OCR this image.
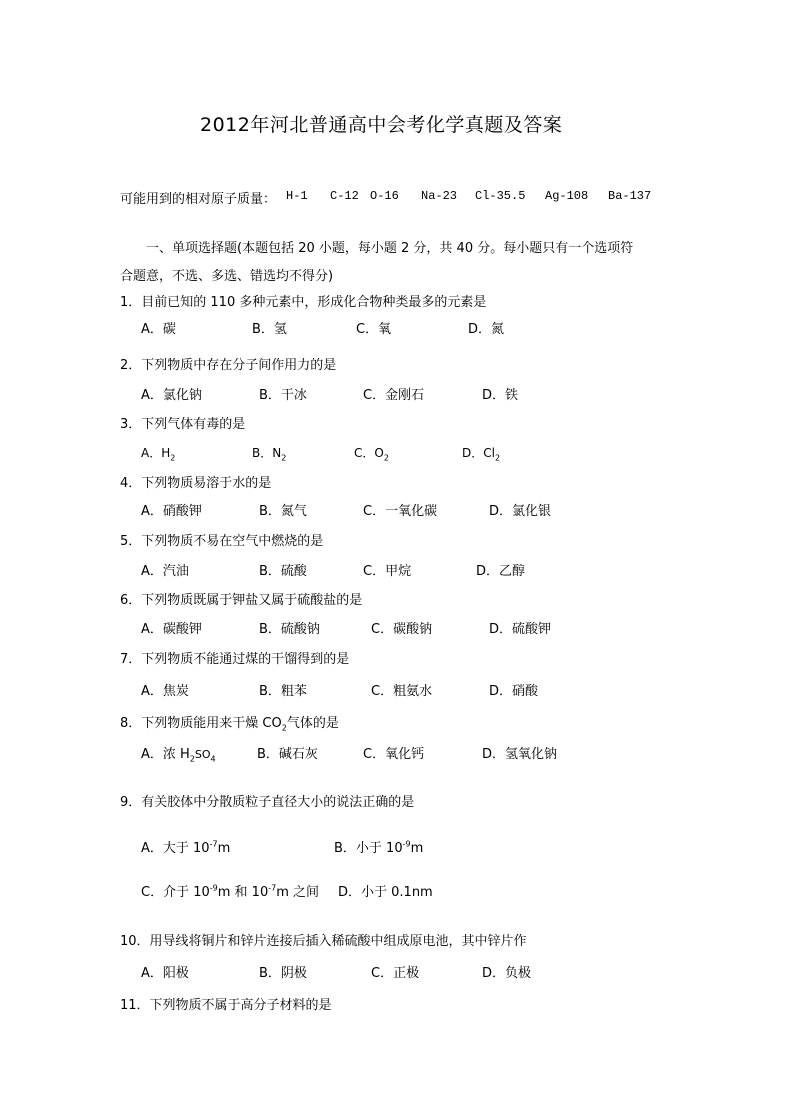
2012年河北普通高中会考化学真题及答案
可能用到的相对原子质量： H-1 C-12 O-16 Na-23 Cl-35.5 Ag-108 Ba-137
一、单项选择题(本题包括 20 小题，每小题 2 分，共 40 分。每小题只有一个选项符
合题意，不选、多选、错选均不得分)
1．目前已知的 110 多种元素中，形成化合物种类最多的元素是
A．碳	B．氢	C．氧	D．氮
2．下列物质中存在分子间作用力的是
A．氯化钠	B．干冰	C．金刚石	D．铁
3．下列气体有毒的是
A．$H_2$	B．$N_2$	C．$O_2$	D．$Cl_2$
4．下列物质易溶于水的是
A．硝酸钾	B．氮气	C．一氧化碳	D．氯化银
5．下列物质不易在空气中燃烧的是
A．汽油	B．硫酸	C．甲烷	D．乙醇
6．下列物质既属于钾盐又属于硫酸盐的是
A．碳酸钾	B．硫酸钠	C．碳酸钠	D．硫酸钾
7．下列物质不能通过煤的干馏得到的是
A．焦炭	B．粗苯	C．粗氨水	D．硝酸
8．下列物质能用来干燥 $CO_2$气体的是
A．浓 $H_2SO_4$	B．碱石灰	C．氧化钙	D．氢氧化钠
9．有关胶体中分散质粒子直径大小的说法正确的是
A．大于 $10^{-7}m$	B．小于 $10^{-9}m$
C．介于 $10^{-9}m$ 和 $10^{-7}m$ 之间 D．小于 0.1nm
10．用导线将铜片和锌片连接后插入稀硫酸中组成原电池，其中锌片作
A．阳极	B．阴极	C．正极	D．负极
11．下列物质不属于高分子材料的是
